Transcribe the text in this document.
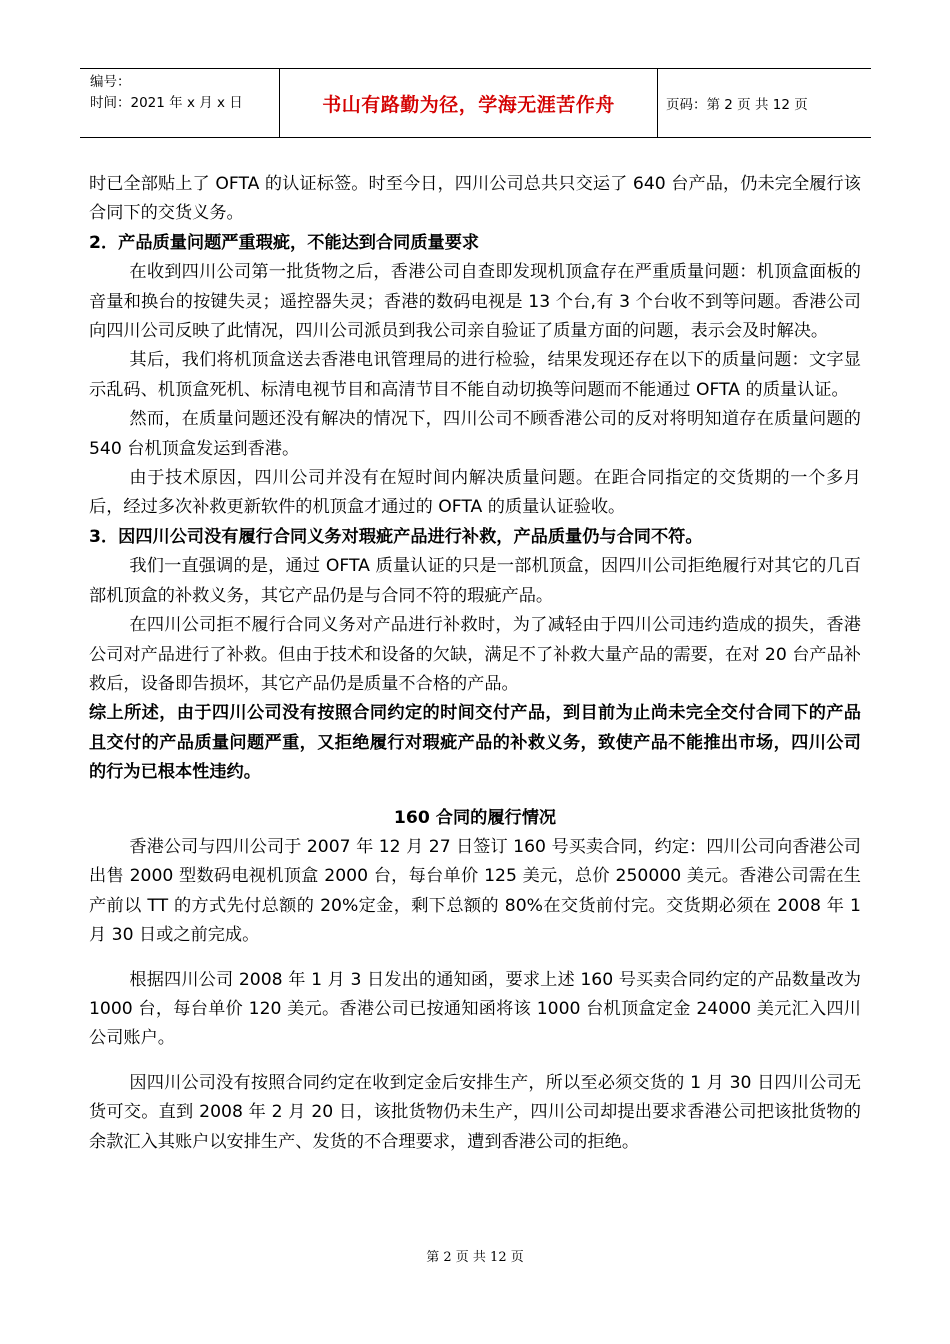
编号：
时间：2021 年 x 月 x 日	书山有路勤为径，学海无涯苦作舟	页码：第 2 页 共 12 页

时已全部贴上了 OFTA 的认证标签。时至今日，四川公司总共只交运了 640 台产品，仍未完全履行该合同下的交货义务。

2．产品质量问题严重瑕疵，不能达到合同质量要求

在收到四川公司第一批货物之后，香港公司自查即发现机顶盒存在严重质量问题：机顶盒面板的音量和换台的按键失灵；遥控器失灵；香港的数码电视是 13 个台,有 3 个台收不到等问题。香港公司向四川公司反映了此情况，四川公司派员到我公司亲自验证了质量方面的问题，表示会及时解决。

其后，我们将机顶盒送去香港电讯管理局的进行检验，结果发现还存在以下的质量问题：文字显示乱码、机顶盒死机、标清电视节目和高清节目不能自动切换等问题而不能通过 OFTA 的质量认证。

然而，在质量问题还没有解决的情况下，四川公司不顾香港公司的反对将明知道存在质量问题的 540 台机顶盒发运到香港。

由于技术原因，四川公司并没有在短时间内解决质量问题。在距合同指定的交货期的一个多月后，经过多次补救更新软件的机顶盒才通过的 OFTA 的质量认证验收。

3．因四川公司没有履行合同义务对瑕疵产品进行补救，产品质量仍与合同不符。

我们一直强调的是，通过 OFTA 质量认证的只是一部机顶盒，因四川公司拒绝履行对其它的几百部机顶盒的补救义务，其它产品仍是与合同不符的瑕疵产品。

在四川公司拒不履行合同义务对产品进行补救时，为了减轻由于四川公司违约造成的损失，香港公司对产品进行了补救。但由于技术和设备的欠缺，满足不了补救大量产品的需要，在对 20 台产品补救后，设备即告损坏，其它产品仍是质量不合格的产品。

综上所述，由于四川公司没有按照合同约定的时间交付产品，到目前为止尚未完全交付合同下的产品且交付的产品质量问题严重，又拒绝履行对瑕疵产品的补救义务，致使产品不能推出市场，四川公司的行为已根本性违约。

160 合同的履行情况

香港公司与四川公司于 2007 年 12 月 27 日签订 160 号买卖合同，约定：四川公司向香港公司出售 2000 型数码电视机顶盒 2000 台，每台单价 125 美元，总价 250000 美元。香港公司需在生产前以 TT 的方式先付总额的 20%定金，剩下总额的 80%在交货前付完。交货期必须在 2008 年 1 月 30 日或之前完成。

根据四川公司 2008 年 1 月 3 日发出的通知函，要求上述 160 号买卖合同约定的产品数量改为 1000 台，每台单价 120 美元。香港公司已按通知函将该 1000 台机顶盒定金 24000 美元汇入四川公司账户。

因四川公司没有按照合同约定在收到定金后安排生产，所以至必须交货的 1 月 30 日四川公司无货可交。直到 2008 年 2 月 20 日，该批货物仍未生产，四川公司却提出要求香港公司把该批货物的余款汇入其账户以安排生产、发货的不合理要求，遭到香港公司的拒绝。

第 2 页 共 12 页
